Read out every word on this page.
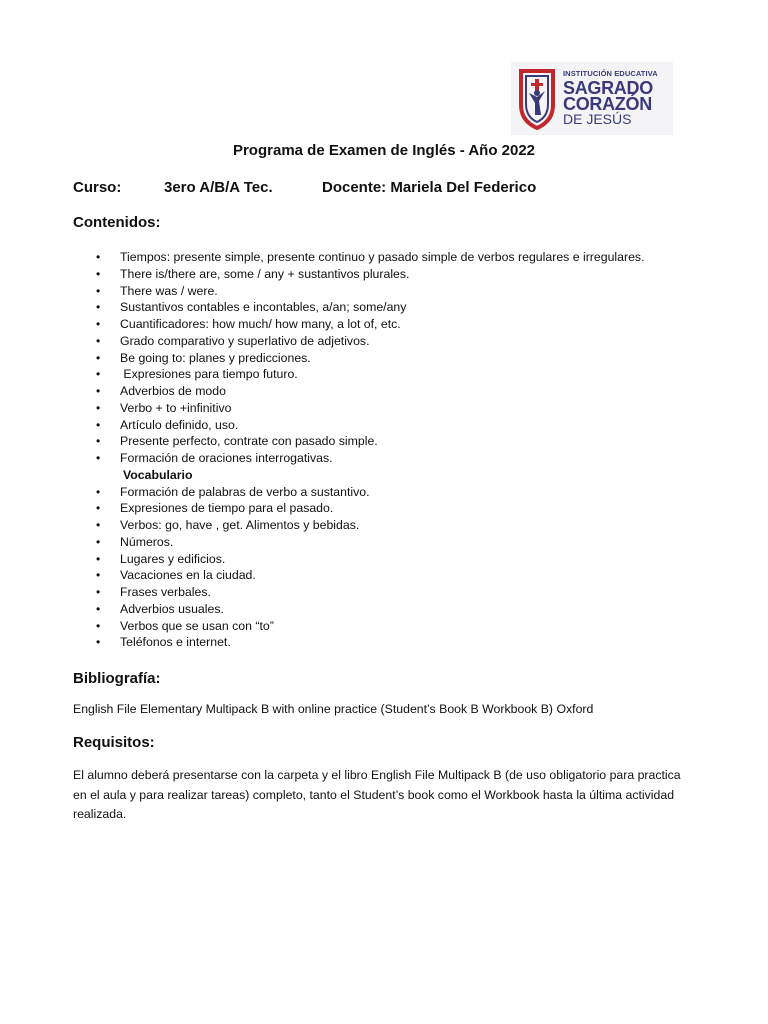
INSTITUCIÓN EDUCATIVA
SAGRADO
CORAZÓN
DE JESÚS
Programa de Examen de Inglés - Año 2022
Curso:	3ero A/B/A Tec.	Docente: Mariela Del Federico
Contenidos:
• Tiempos: presente simple, presente continuo y pasado simple de verbos regulares e irregulares.
• There is/there are, some / any + sustantivos plurales.
• There was / were.
• Sustantivos contables e incontables, a/an; some/any
• Cuantificadores: how much/ how many, a lot of, etc.
• Grado comparativo y superlativo de adjetivos.
• Be going to: planes y predicciones.
• Expresiones para tiempo futuro.
• Adverbios de modo
• Verbo + to +infinitivo
• Artículo definido, uso.
• Presente perfecto, contrate con pasado simple.
• Formación de oraciones interrogativas.
Vocabulario
• Formación de palabras de verbo a sustantivo.
• Expresiones de tiempo para el pasado.
• Verbos: go, have , get. Alimentos y bebidas.
• Números.
• Lugares y edificios.
• Vacaciones en la ciudad.
• Frases verbales.
• Adverbios usuales.
• Verbos que se usan con “to”
• Teléfonos e internet.
Bibliografía:
English File Elementary Multipack B with online practice (Student’s Book B Workbook B) Oxford
Requisitos:
El alumno deberá presentarse con la carpeta y el libro English File Multipack B (de uso obligatorio para practica en el aula y para realizar tareas) completo, tanto el Student’s book como el Workbook hasta la última actividad realizada.
